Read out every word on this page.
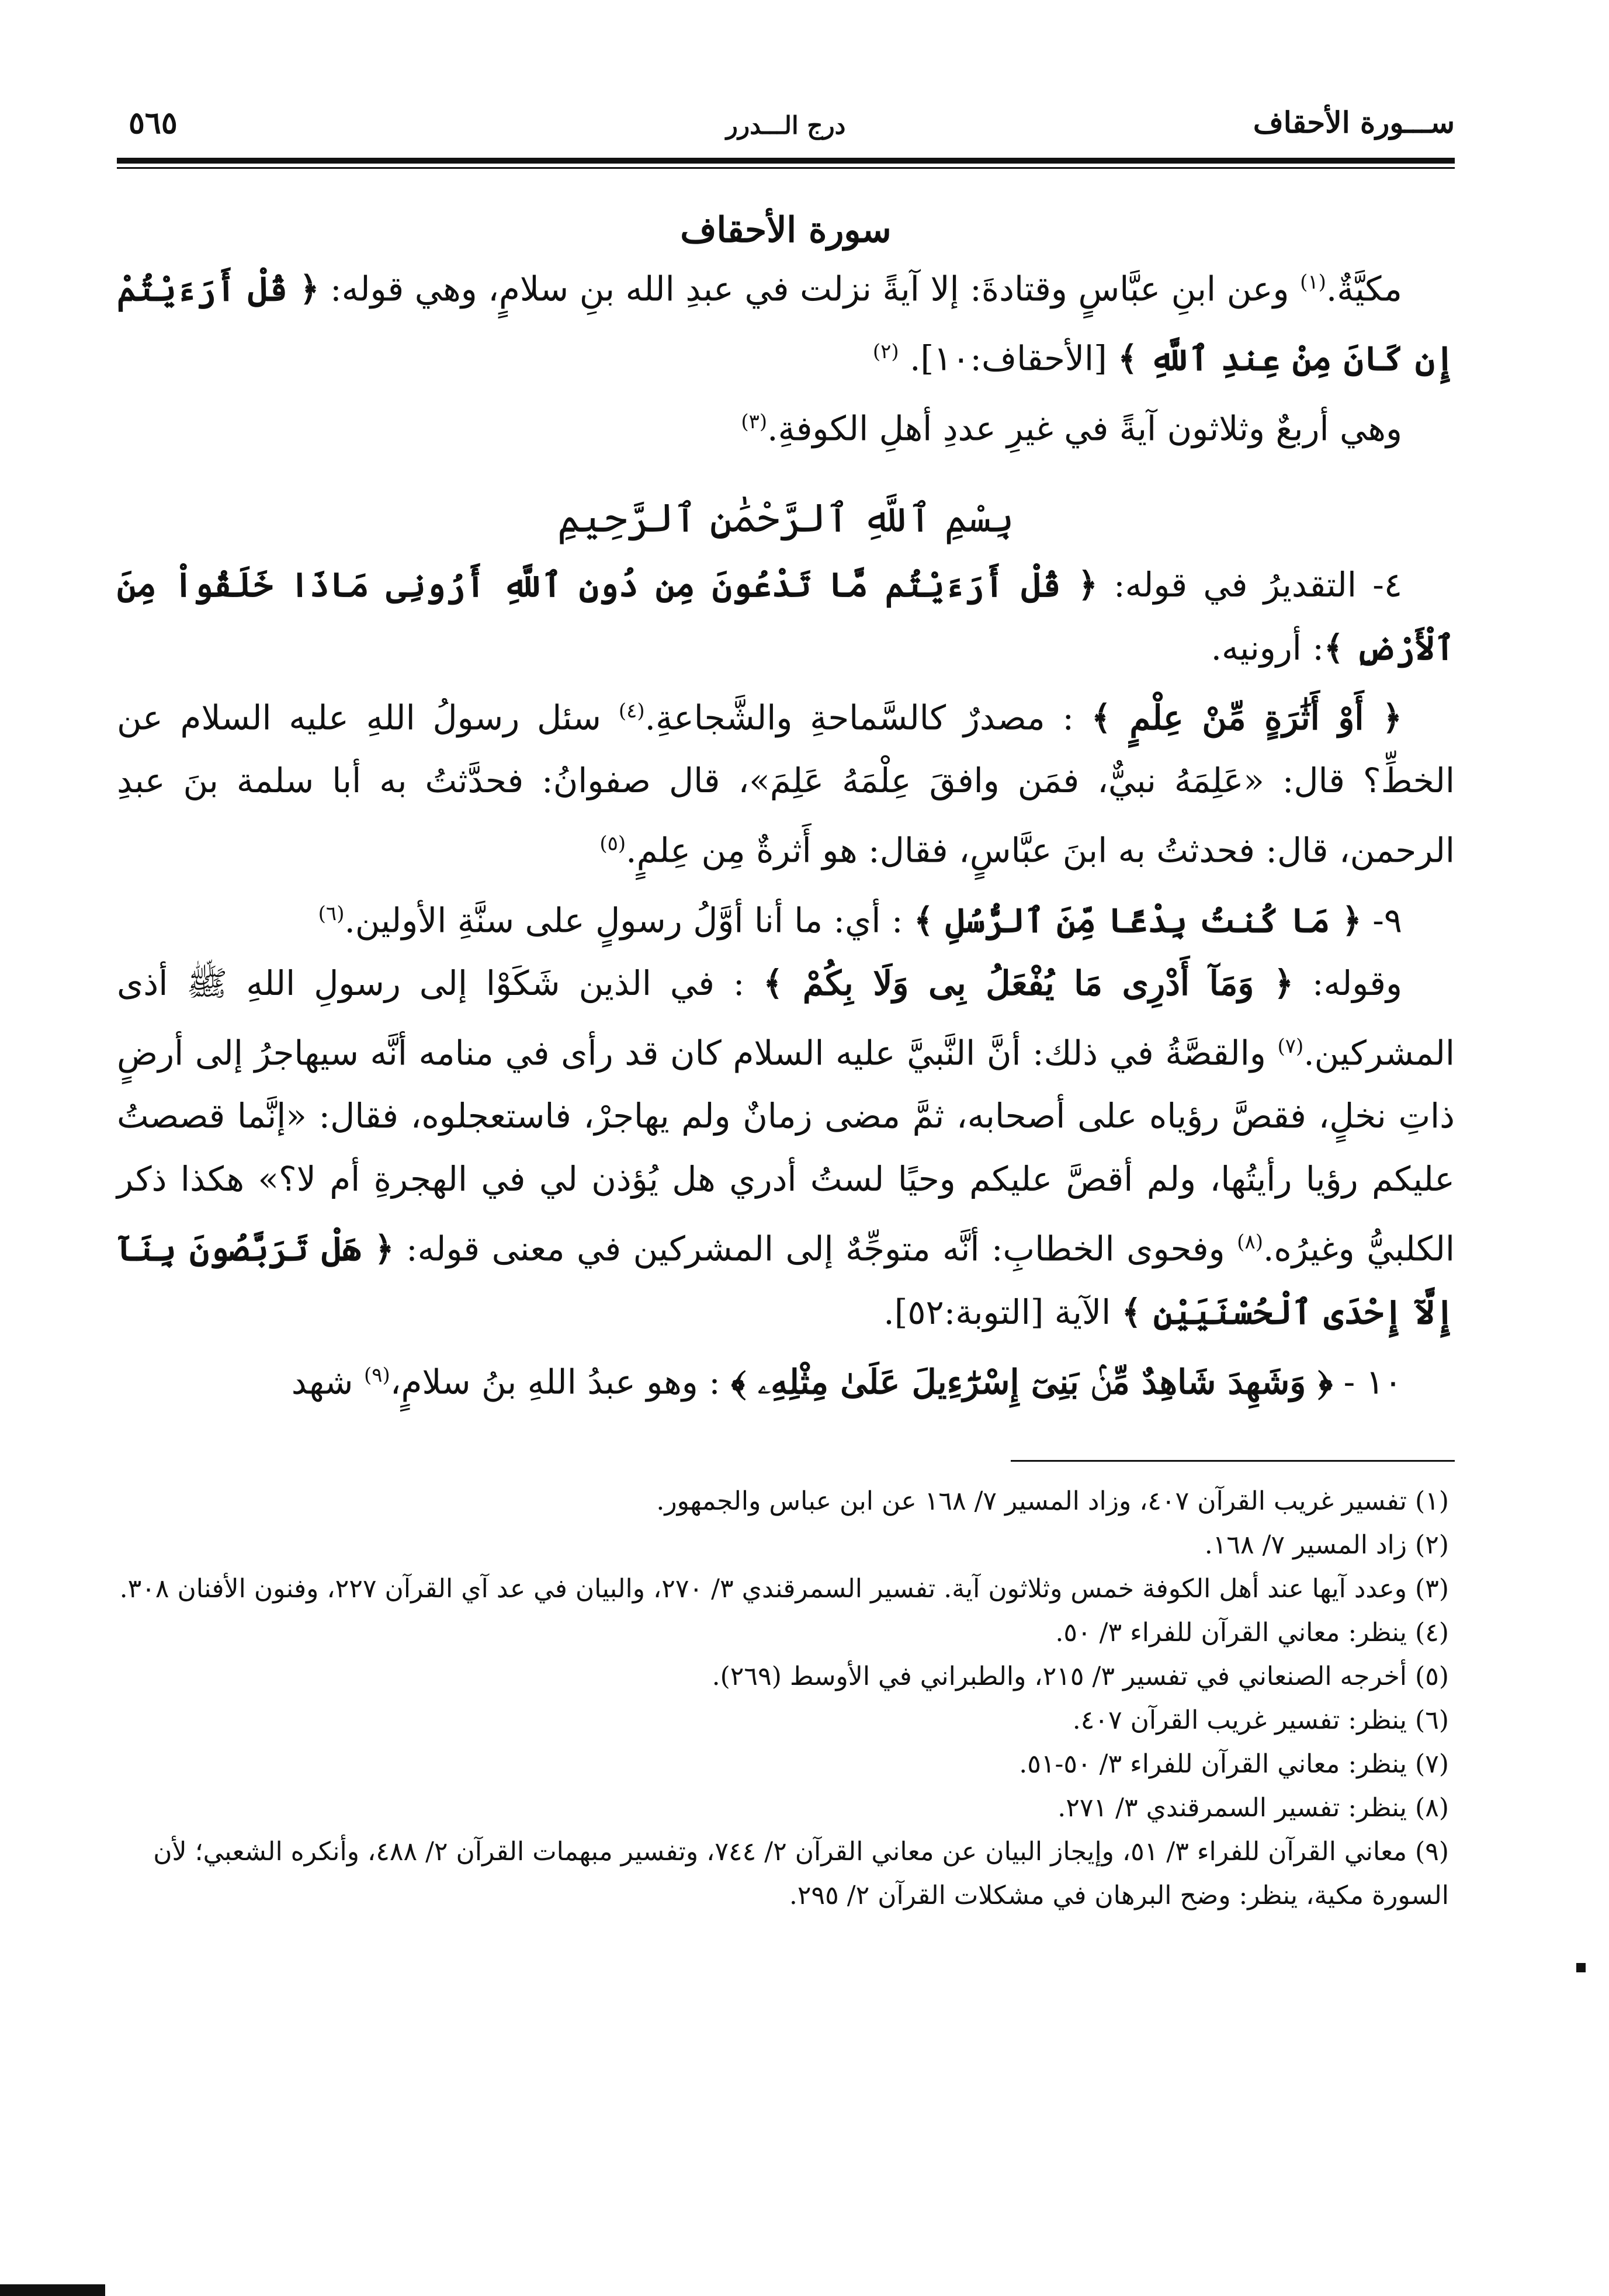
ســـورة الأحقاف
درج الـــدرر
٥٦٥
سورة الأحقاف

مكيَّةٌ.$^{(١)}$ وعن ابنِ عبَّاسٍ وقتادةَ: إلا آيةً نزلت في عبدِ الله بنِ سلامٍ، وهي قوله: ﴿ قُلْ أَرَءَيْتُمْ إِن كَانَ مِنْ عِندِ ٱللَّهِ ﴾ [الأحقاف:١٠]. $^{(٢)}$

وهي أربعٌ وثلاثون آيةً في غيرِ عددِ أهلِ الكوفةِ.$^{(٣)}$

بِسْمِ ٱللَّهِ ٱلرَّحْمَٰنِ ٱلرَّحِيمِ

٤- التقديرُ في قوله: ﴿ قُلْ أَرَءَيْتُم مَّا تَدْعُونَ مِن دُونِ ٱللَّهِ أَرُونِى مَاذَا خَلَقُواْ مِنَ ٱلْأَرْضِ ﴾: أرونيه.

﴿ أَوْ أَثَٰرَةٍ مِّنْ عِلْمٍ ﴾ : مصدرٌ كالسَّماحةِ والشَّجاعةِ.$^{(٤)}$ سئل رسولُ اللهِ عليه السلام عن الخطِّ؟ قال: «عَلِمَهُ نبيٌّ، فمَن وافقَ عِلْمَهُ عَلِمَ»، قال صفوانُ: فحدَّثتُ به أبا سلمة بنَ عبدِ الرحمن، قال: فحدثتُ به ابنَ عبَّاسٍ، فقال: هو أَثرةٌ مِن عِلمٍ.$^{(٥)}$

٩- ﴿ مَا كُنتُ بِدْعًا مِّنَ ٱلرُّسُلِ ﴾ : أي: ما أنا أوَّلُ رسولٍ على سنَّةِ الأولين.$^{(٦)}$

وقوله: ﴿ وَمَآ أَدْرِى مَا يُفْعَلُ بِى وَلَا بِكُمْ ﴾ : في الذين شَكَوْا إلى رسولِ اللهِ ﷺ أذى المشركين.$^{(٧)}$ والقصَّةُ في ذلك: أنَّ النَّبيَّ عليه السلام كان قد رأى في منامه أنَّه سيهاجرُ إلى أرضٍ ذاتِ نخلٍ، فقصَّ رؤياه على أصحابه، ثمَّ مضى زمانٌ ولم يهاجرْ، فاستعجلوه، فقال: «إنَّما قصصتُ عليكم رؤيا رأيتُها، ولم أقصَّ عليكم وحيًا لستُ أدري هل يُؤذن لي في الهجرةِ أم لا؟» هكذا ذكر الكلبيُّ وغيرُه.$^{(٨)}$ وفحوى الخطابِ: أنَّه متوجِّهٌ إلى المشركين في معنى قوله: ﴿ هَلْ تَرَبَّصُونَ بِنَآ إِلَّآ إِحْدَى ٱلْحُسْنَيَيْنِ ﴾ الآية [التوبة:٥٢].

١٠ - ﴿ وَشَهِدَ شَاهِدٌ مِّنۢ بَنِىٓ إِسْرَٰٓءِيلَ عَلَىٰ مِثْلِهِۦ ﴾ : وهو عبدُ اللهِ بنُ سلامٍ،$^{(٩)}$ شهد

(١) تفسير غريب القرآن ٤٠٧، وزاد المسير ٧/ ١٦٨ عن ابن عباس والجمهور.

(٢) زاد المسير ٧/ ١٦٨.

(٣) وعدد آيها عند أهل الكوفة خمس وثلاثون آية. تفسير السمرقندي ٣/ ٢٧٠، والبيان في عد آي القرآن ٢٢٧، وفنون الأفنان ٣٠٨.

(٤) ينظر: معاني القرآن للفراء ٣/ ٥٠.

(٥) أخرجه الصنعاني في تفسير ٣/ ٢١٥، والطبراني في الأوسط (٢٦٩).

(٦) ينظر: تفسير غريب القرآن ٤٠٧.

(٧) ينظر: معاني القرآن للفراء ٣/ ٥٠-٥١.

(٨) ينظر: تفسير السمرقندي ٣/ ٢٧١.

(٩) معاني القرآن للفراء ٣/ ٥١، وإيجاز البيان عن معاني القرآن ٢/ ٧٤٤، وتفسير مبهمات القرآن ٢/ ٤٨٨، وأنكره الشعبي؛ لأن السورة مكية، ينظر: وضح البرهان في مشكلات القرآن ٢/ ٢٩٥.
